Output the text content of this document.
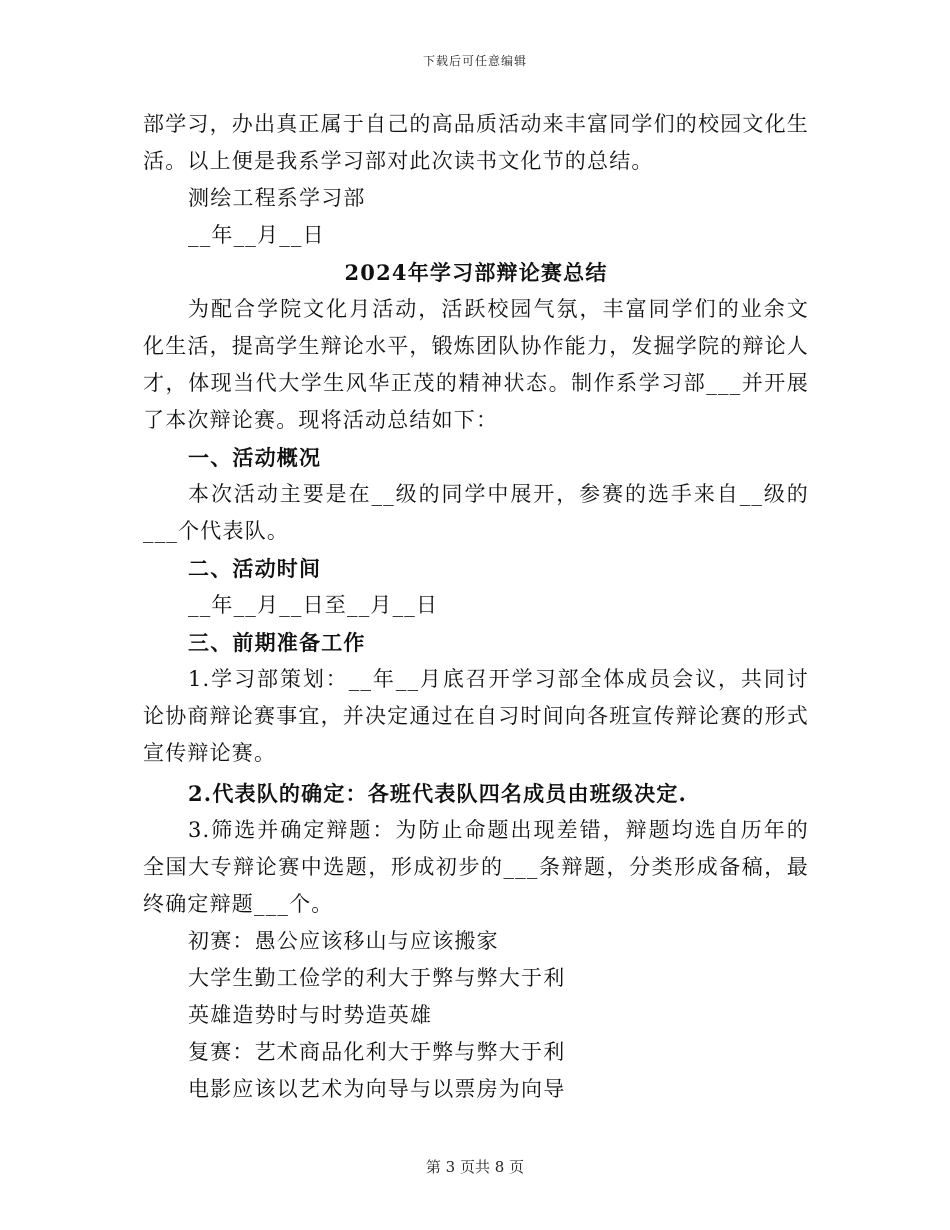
下载后可任意编辑

部学习，办出真正属于自己的高品质活动来丰富同学们的校园文化生活。以上便是我系学习部对此次读书文化节的总结。

测绘工程系学习部

__年__月__日

2024年学习部辩论赛总结

为配合学院文化月活动，活跃校园气氛，丰富同学们的业余文化生活，提高学生辩论水平，锻炼团队协作能力，发掘学院的辩论人才，体现当代大学生风华正茂的精神状态。制作系学习部___并开展了本次辩论赛。现将活动总结如下：

一、活动概况

本次活动主要是在__级的同学中展开，参赛的选手来自__级的___个代表队。

二、活动时间

__年__月__日至__月__日

三、前期准备工作

1.学习部策划：__年__月底召开学习部全体成员会议，共同讨论协商辩论赛事宜，并决定通过在自习时间向各班宣传辩论赛的形式宣传辩论赛。

2.代表队的确定：各班代表队四名成员由班级决定.

3.筛选并确定辩题：为防止命题出现差错，辩题均选自历年的全国大专辩论赛中选题，形成初步的___条辩题，分类形成备稿，最终确定辩题___个。

初赛：愚公应该移山与应该搬家

大学生勤工俭学的利大于弊与弊大于利

英雄造势时与时势造英雄

复赛：艺术商品化利大于弊与弊大于利

电影应该以艺术为向导与以票房为向导

第 3 页共 8 页
